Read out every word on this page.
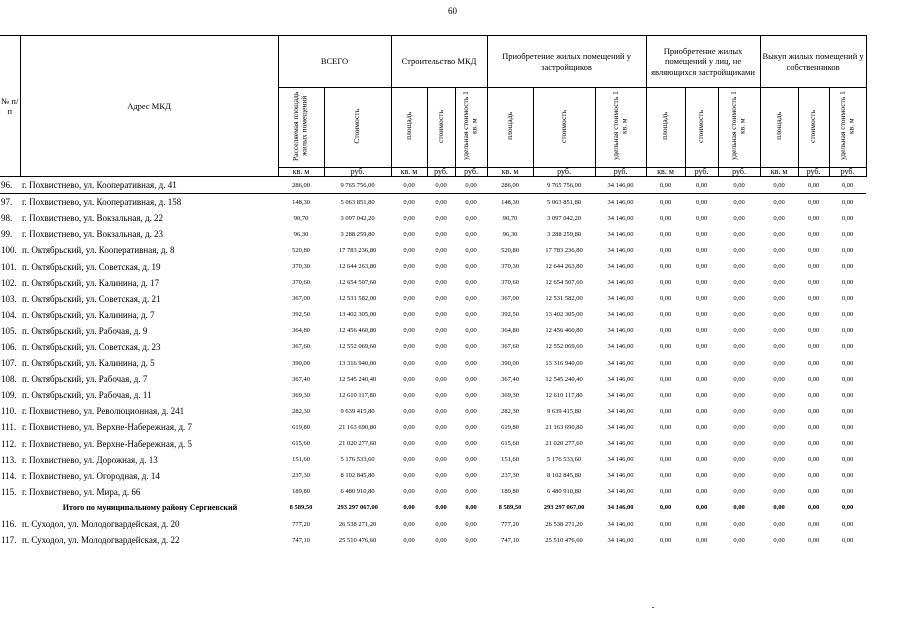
60
№ п/п	Адрес МКД	ВСЕГО		Строительство МКД			Приобретение жилых помещений у застройщиков			Приобретение жилых помещений у лиц, не являющихся застройщиками			Выкуп жилых помещений у собственников		
		Расселяемая площадь жилых помещений	Стоимость	площадь	стоимость	удельная стоимость 1 кв. м	площадь	стоимость	удельная стоимость 1 кв. м	площадь	стоимость	удельная стоимость 1 кв. м	площадь	стоимость	удельная стоимость 1 кв. м
		кв. м	руб.	кв. м	руб.	руб.	кв. м	руб.	руб.	кв. м	руб.	руб.	кв. м	руб.	руб.
96.	г. Похвистнево, ул. Кооперативная, д. 41	286,00	9 765 756,00	0,00	0,00	0,00	286,00	9 765 756,00	34 146,00	0,00	0,00	0,00	0,00	0,00	0,00
97.	г. Похвистнево, ул. Кооперативная, д. 158	148,30	5 063 851,80	0,00	0,00	0,00	148,30	5 063 851,80	34 146,00	0,00	0,00	0,00	0,00	0,00	0,00
98.	г. Похвистнево, ул. Вокзальная, д. 22	90,70	3 097 042,20	0,00	0,00	0,00	90,70	3 097 042,20	34 146,00	0,00	0,00	0,00	0,00	0,00	0,00
99.	г. Похвистнево, ул. Вокзальная, д. 23	96,30	3 288 259,80	0,00	0,00	0,00	96,30	3 288 259,80	34 146,00	0,00	0,00	0,00	0,00	0,00	0,00
100.	п. Октябрьский, ул. Кооперативная, д. 8	520,80	17 783 236,80	0,00	0,00	0,00	520,80	17 783 236,80	34 146,00	0,00	0,00	0,00	0,00	0,00	0,00
101.	п. Октябрьский, ул. Советская, д. 19	370,30	12 644 263,80	0,00	0,00	0,00	370,30	12 644 263,80	34 146,00	0,00	0,00	0,00	0,00	0,00	0,00
102.	п. Октябрьский, ул. Калинина, д. 17	370,60	12 654 507,60	0,00	0,00	0,00	370,60	12 654 507,60	34 146,00	0,00	0,00	0,00	0,00	0,00	0,00
103.	п. Октябрьский, ул. Советская, д. 21	367,00	12 531 582,00	0,00	0,00	0,00	367,00	12 531 582,00	34 146,00	0,00	0,00	0,00	0,00	0,00	0,00
104.	п. Октябрьский, ул. Калинина, д. 7	392,50	13 402 305,00	0,00	0,00	0,00	392,50	13 402 305,00	34 146,00	0,00	0,00	0,00	0,00	0,00	0,00
105.	п. Октябрьский, ул. Рабочая, д. 9	364,80	12 456 460,80	0,00	0,00	0,00	364,80	12 456 460,80	34 146,00	0,00	0,00	0,00	0,00	0,00	0,00
106.	п. Октябрьский, ул. Советская, д. 23	367,60	12 552 069,60	0,00	0,00	0,00	367,60	12 552 069,60	34 146,00	0,00	0,00	0,00	0,00	0,00	0,00
107.	п. Октябрьский, ул. Калинина, д. 5	390,00	13 316 940,00	0,00	0,00	0,00	390,00	13 316 940,00	34 146,00	0,00	0,00	0,00	0,00	0,00	0,00
108.	п. Октябрьский, ул. Рабочая, д. 7	367,40	12 545 240,40	0,00	0,00	0,00	367,40	12 545 240,40	34 146,00	0,00	0,00	0,00	0,00	0,00	0,00
109.	п. Октябрьский, ул. Рабочая, д. 11	369,30	12 610 117,80	0,00	0,00	0,00	369,30	12 610 117,80	34 146,00	0,00	0,00	0,00	0,00	0,00	0,00
110.	г. Похвистнево, ул. Революционная, д. 241	282,30	9 639 415,80	0,00	0,00	0,00	282,30	9 639 415,80	34 146,00	0,00	0,00	0,00	0,00	0,00	0,00
111.	г. Похвистнево, ул. Верхне-Набережная, д. 7	619,80	21 163 690,80	0,00	0,00	0,00	619,80	21 163 690,80	34 146,00	0,00	0,00	0,00	0,00	0,00	0,00
112.	г. Похвистнево, ул. Верхне-Набережная, д. 5	615,60	21 020 277,60	0,00	0,00	0,00	615,60	21 020 277,60	34 146,00	0,00	0,00	0,00	0,00	0,00	0,00
113.	г. Похвистнево, ул. Дорожная, д. 13	151,60	5 176 533,60	0,00	0,00	0,00	151,60	5 176 533,60	34 146,00	0,00	0,00	0,00	0,00	0,00	0,00
114.	г. Похвистнево, ул. Огородная, д. 14	237,30	8 102 845,80	0,00	0,00	0,00	237,30	8 102 845,80	34 146,00	0,00	0,00	0,00	0,00	0,00	0,00
115.	г. Похвистнево, ул. Мира, д. 66	189,80	6 480 910,80	0,00	0,00	0,00	189,80	6 480 910,80	34 146,00	0,00	0,00	0,00	0,00	0,00	0,00
	Итого по муниципальному району Сергиевский	8 589,50	293 297 067,00	0,00	0,00	0,00	8 589,50	293 297 067,00	34 146,00	0,00	0,00	0,00	0,00	0,00	0,00
116.	п. Суходол, ул. Молодогвардейская, д. 20	777,20	26 538 271,20	0,00	0,00	0,00	777,20	26 538 271,20	34 146,00	0,00	0,00	0,00	0,00	0,00	0,00
117.	п. Суходол, ул. Молодогвардейская, д. 22	747,10	25 510 476,60	0,00	0,00	0,00	747,10	25 510 476,60	34 146,00	0,00	0,00	0,00	0,00	0,00	0,00
